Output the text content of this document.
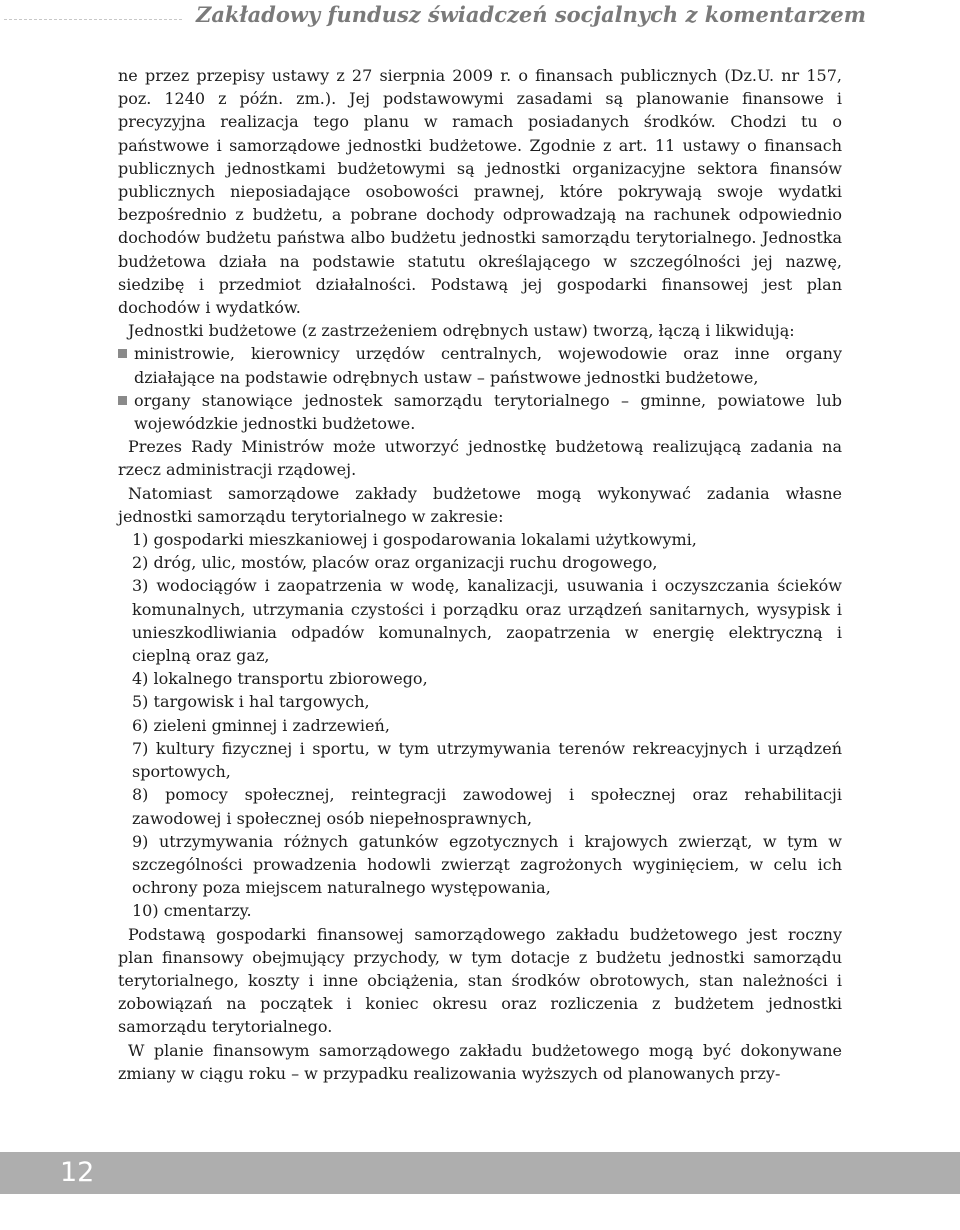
Zakładowy fundusz świadczeń socjalnych z komentarzem

ne przez przepisy ustawy z 27 sierpnia 2009 r. o finansach publicznych (Dz.U. nr 157, poz. 1240 z późn. zm.). Jej podstawowymi zasadami są planowanie finansowe i precyzyjna realizacja tego planu w ramach posiadanych środków. Chodzi tu o państwowe i samorządowe jednostki budżetowe. Zgodnie z art. 11 ustawy o finansach publicznych jednostkami budżetowymi są jednostki organizacyjne sektora finansów publicznych nieposiadające osobowości prawnej, które pokrywają swoje wydatki bezpośrednio z budżetu, a pobrane dochody odprowadzają na rachunek odpowiednio dochodów budżetu państwa albo budżetu jednostki samorządu terytorialnego. Jednostka budżetowa działa na podstawie statutu określającego w szczególności jej nazwę, siedzibę i przedmiot działalności. Podstawą jej gospodarki finansowej jest plan dochodów i wydatków.

Jednostki budżetowe (z zastrzeżeniem odrębnych ustaw) tworzą, łączą i likwidują:

ministrowie, kierownicy urzędów centralnych, wojewodowie oraz inne organy działające na podstawie odrębnych ustaw – państwowe jednostki budżetowe,
organy stanowiące jednostek samorządu terytorialnego – gminne, powiatowe lub wojewódzkie jednostki budżetowe.

Prezes Rady Ministrów może utworzyć jednostkę budżetową realizującą zadania na rzecz administracji rządowej.

Natomiast samorządowe zakłady budżetowe mogą wykonywać zadania własne jednostki samorządu terytorialnego w zakresie:

1) gospodarki mieszkaniowej i gospodarowania lokalami użytkowymi,

2) dróg, ulic, mostów, placów oraz organizacji ruchu drogowego,

3) wodociągów i zaopatrzenia w wodę, kanalizacji, usuwania i oczyszczania ścieków komunalnych, utrzymania czystości i porządku oraz urządzeń sanitarnych, wysypisk i unieszkodliwiania odpadów komunalnych, zaopatrzenia w energię elektryczną i cieplną oraz gaz,

4) lokalnego transportu zbiorowego,

5) targowisk i hal targowych,

6) zieleni gminnej i zadrzewień,

7) kultury fizycznej i sportu, w tym utrzymywania terenów rekreacyjnych i urządzeń sportowych,

8) pomocy społecznej, reintegracji zawodowej i społecznej oraz rehabilitacji zawodowej i społecznej osób niepełnosprawnych,

9) utrzymywania różnych gatunków egzotycznych i krajowych zwierząt, w tym w szczególności prowadzenia hodowli zwierząt zagrożonych wyginięciem, w celu ich ochrony poza miejscem naturalnego występowania,

10) cmentarzy.

Podstawą gospodarki finansowej samorządowego zakładu budżetowego jest roczny plan finansowy obejmujący przychody, w tym dotacje z budżetu jednostki samorządu terytorialnego, koszty i inne obciążenia, stan środków obrotowych, stan należności i zobowiązań na początek i koniec okresu oraz rozliczenia z budżetem jednostki samorządu terytorialnego.

W planie finansowym samorządowego zakładu budżetowego mogą być dokonywane zmiany w ciągu roku – w przypadku realizowania wyższych od planowanych przy-

12
